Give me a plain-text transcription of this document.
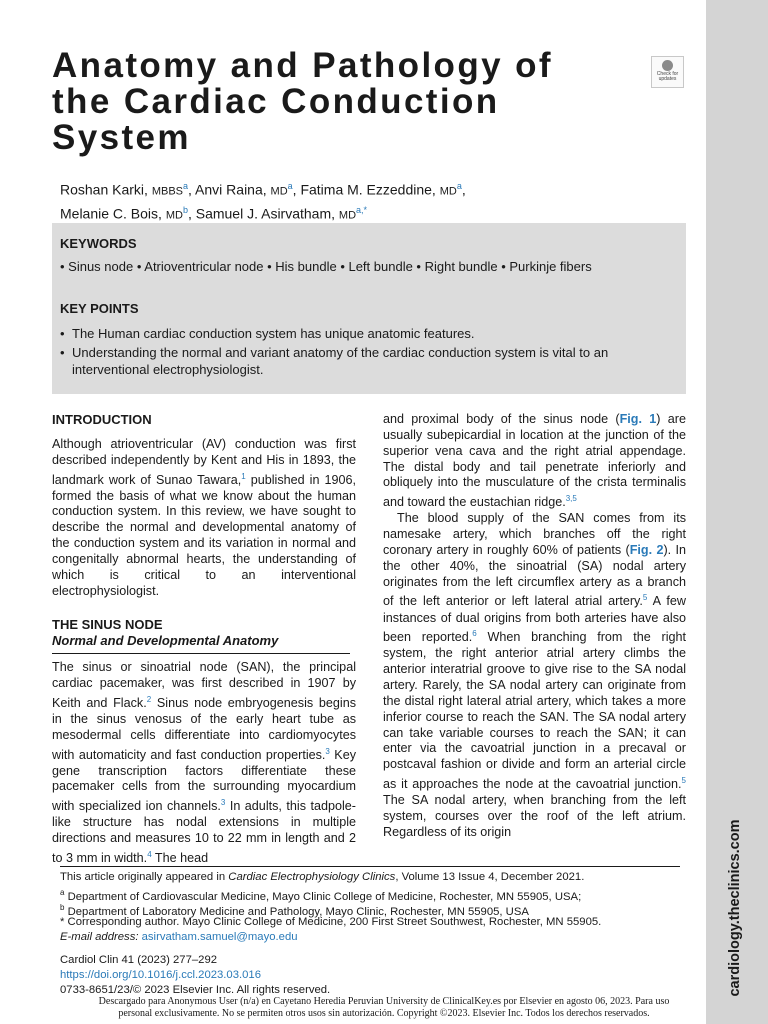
cardiology.theclinics.com
Anatomy and Pathology of
the Cardiac Conduction
System
Check for
updates
Roshan Karki, MBBS$^a$, Anvi Raina, $MD^a$, Fatima M. Ezzeddine, $MD^a$,
Melanie C. Bois, $MD^b$, Samuel J. Asirvatham, $MD^{a,*}$
KEYWORDS
• Sinus node • Atrioventricular node • His bundle • Left bundle • Right bundle • Purkinje fibers
KEY POINTS
• The Human cardiac conduction system has unique anatomic features.
• Understanding the normal and variant anatomy of the cardiac conduction system is vital to an interventional electrophysiologist.

INTRODUCTION

Although atrioventricular (AV) conduction was first described independently by Kent and His in 1893, the landmark work of Sunao Tawara,$^1$ published in 1906, formed the basis of what we know about the human conduction system. In this review, we have sought to describe the normal and developmental anatomy of the conduction system and its variation in normal and congenitally abnormal hearts, the understanding of which is critical to an interventional electrophysiologist.

THE SINUS NODE

Normal and Developmental Anatomy

The sinus or sinoatrial node (SAN), the principal cardiac pacemaker, was first described in 1907 by Keith and Flack.$^2$ Sinus node embryogenesis begins in the sinus venosus of the early heart tube as mesodermal cells differentiate into cardiomyocytes with automaticity and fast conduction properties.$^3$ Key gene transcription factors differentiate these pacemaker cells from the surrounding myocardium with specialized ion channels.$^3$ In adults, this tadpole-like structure has nodal extensions in multiple directions and measures 10 to 22 mm in length and 2 to 3 mm in width.$^4$ The head

and proximal body of the sinus node (Fig. 1) are usually subepicardial in location at the junction of the superior vena cava and the right atrial appendage. The distal body and tail penetrate inferiorly and obliquely into the musculature of the crista terminalis and toward the eustachian ridge.$^{3,5}$

The blood supply of the SAN comes from its namesake artery, which branches off the right coronary artery in roughly 60% of patients (Fig. 2). In the other 40%, the sinoatrial (SA) nodal artery originates from the left circumflex artery as a branch of the left anterior or left lateral atrial artery.$^5$ A few instances of dual origins from both arteries have also been reported.$^6$ When branching from the right system, the right anterior atrial artery climbs the anterior interatrial groove to give rise to the SA nodal artery. Rarely, the SA nodal artery can originate from the distal right lateral atrial artery, which takes a more inferior course to reach the SAN. The SA nodal artery can take variable courses to reach the SAN; it can enter via the cavoatrial junction in a precaval or postcaval fashion or divide and form an arterial circle as it approaches the node at the cavoatrial junction.$^5$ The SA nodal artery, when branching from the left system, courses over the roof of the left atrium. Regardless of its origin

This article originally appeared in Cardiac Electrophysiology Clinics, Volume 13 Issue 4, December 2021.
$^a$ Department of Cardiovascular Medicine, Mayo Clinic College of Medicine, Rochester, MN 55905, USA;
$^b$ Department of Laboratory Medicine and Pathology, Mayo Clinic, Rochester, MN 55905, USA
* Corresponding author. Mayo Clinic College of Medicine, 200 First Street Southwest, Rochester, MN 55905.
E-mail address: asirvatham.samuel@mayo.edu
Cardiol Clin 41 (2023) 277–292
https://doi.org/10.1016/j.ccl.2023.03.016
0733-8651/23/© 2023 Elsevier Inc. All rights reserved.
Descargado para Anonymous User (n/a) en Cayetano Heredia Peruvian University de ClinicalKey.es por Elsevier en agosto 06, 2023. Para uso
personal exclusivamente. No se permiten otros usos sin autorización. Copyright ©2023. Elsevier Inc. Todos los derechos reservados.
